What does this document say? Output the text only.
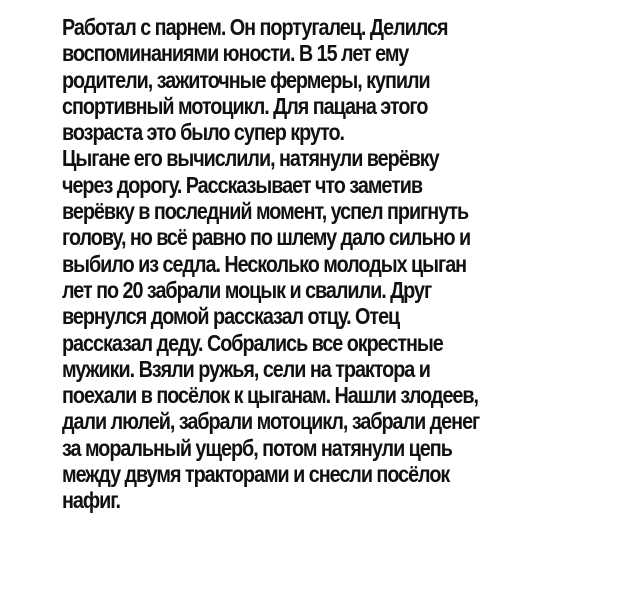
Работал с парнем. Он португалец. Делился
воспоминаниями юности. В 15 лет ему
родители, зажиточные фермеры, купили
спортивный мотоцикл. Для пацана этого
возраста это было супер круто.
Цыгане его вычислили, натянули верёвку
через дорогу. Рассказывает что заметив
верёвку в последний момент, успел пригнуть
голову, но всё равно по шлему дало сильно и
выбило из седла. Несколько молодых цыган
лет по 20 забрали моцык и свалили. Друг
вернулся домой рассказал отцу. Отец
рассказал деду. Собрались все окрестные
мужики. Взяли ружья, сели на трактора и
поехали в посёлок к цыганам. Нашли злодеев,
дали люлей, забрали мотоцикл, забрали денег
за моральный ущерб, потом натянули цепь
между двумя тракторами и снесли посёлок
нафиг.
